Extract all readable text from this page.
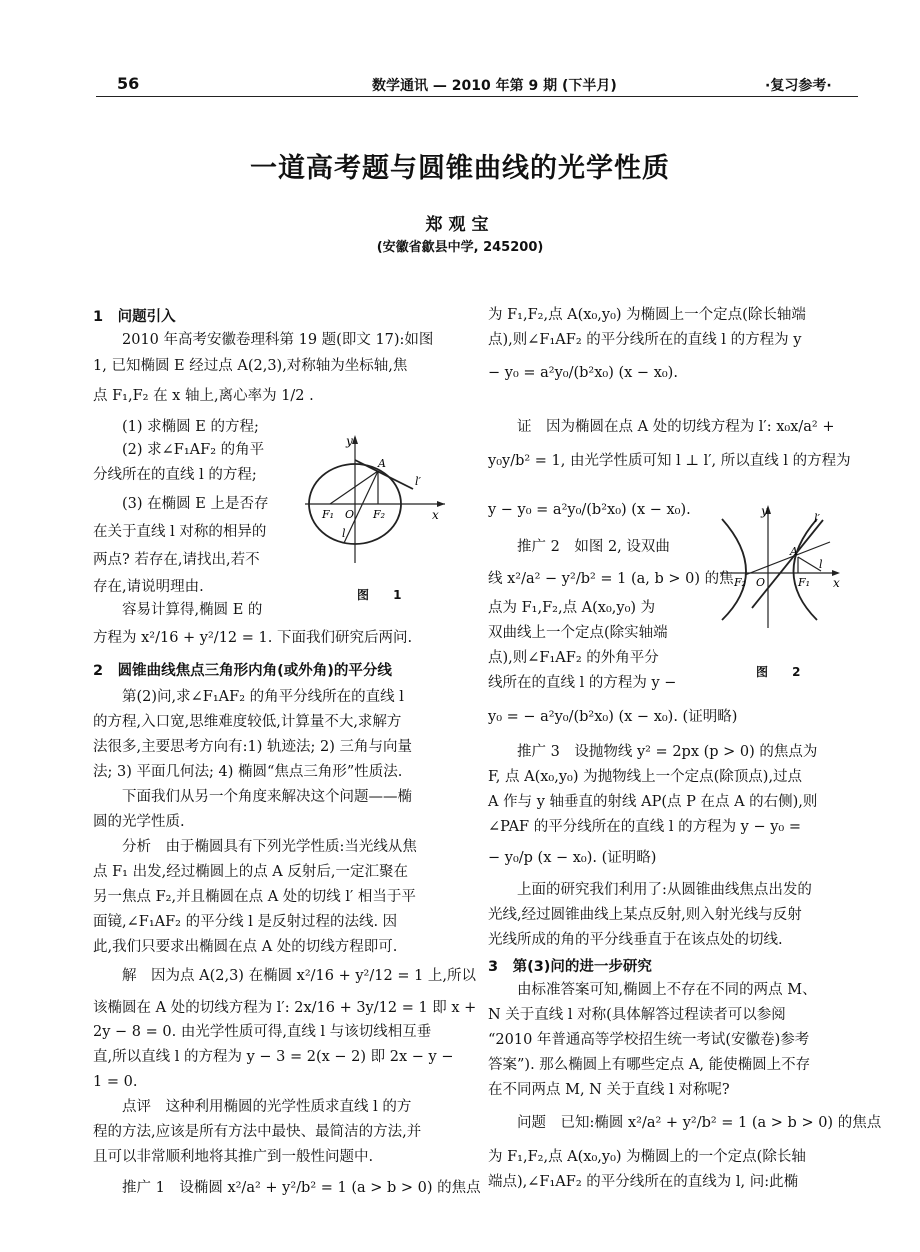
56	数学通讯 — 2010 年第 9 期 (下半月)	·复习参考·
一道高考题与圆锥曲线的光学性质
郑观宝
(安徽省歙县中学, 245200)
1　问题引入
　　2010 年高考安徽卷理科第 19 题(即文 17):如图
1, 已知椭圆 E 经过点 A(2,3),对称轴为坐标轴,焦
点 F₁,F₂ 在 x 轴上,离心率为 1/2 .
　　(1) 求椭圆 E 的方程;
　　(2) 求∠F₁AF₂ 的角平
分线所在的直线 l 的方程;
　　(3) 在椭圆 E 上是否存
在关于直线 l 对称的相异的
两点? 若存在,请找出,若不
存在,请说明理由.
　　容易计算得,椭圆 E 的
方程为 x²/16 + y²/12 = 1. 下面我们研究后两问.
2　圆锥曲线焦点三角形内角(或外角)的平分线
　　第(2)问,求∠F₁AF₂ 的角平分线所在的直线 l
的方程,入口宽,思维难度较低,计算量不大,求解方
法很多,主要思考方向有:1) 轨迹法; 2) 三角与向量
法; 3) 平面几何法; 4) 椭圆“焦点三角形”性质法.
　　下面我们从另一个角度来解决这个问题——椭
圆的光学性质.
　　分析　由于椭圆具有下列光学性质:当光线从焦
点 F₁ 出发,经过椭圆上的点 A 反射后,一定汇聚在
另一焦点 F₂,并且椭圆在点 A 处的切线 l′ 相当于平
面镜,∠F₁AF₂ 的平分线 l 是反射过程的法线. 因
此,我们只要求出椭圆在点 A 处的切线方程即可.
　　解　因为点 A(2,3) 在椭圆 x²/16 + y²/12 = 1 上,所以
该椭圆在 A 处的切线方程为 l′: 2x/16 + 3y/12 = 1 即 x +
2y − 8 = 0. 由光学性质可得,直线 l 与该切线相互垂
直,所以直线 l 的方程为 y − 3 = 2(x − 2) 即 2x − y −
1 = 0.
　　点评　这种利用椭圆的光学性质求直线 l 的方
程的方法,应该是所有方法中最快、最简洁的方法,并
且可以非常顺利地将其推广到一般性问题中.
　　推广 1　设椭圆 x²/a² + y²/b² = 1 (a > b > 0) 的焦点
为 F₁,F₂,点 A(x₀,y₀) 为椭圆上一个定点(除长轴端
点),则∠F₁AF₂ 的平分线所在的直线 l 的方程为 y
− y₀ = a²y₀/(b²x₀) (x − x₀).
　　证　因为椭圆在点 A 处的切线方程为 l′: x₀x/a² +
y₀y/b² = 1, 由光学性质可知 l ⊥ l′, 所以直线 l 的方程为
y − y₀ = a²y₀/(b²x₀) (x − x₀).
　　推广 2　如图 2, 设双曲
线 x²/a² − y²/b² = 1 (a, b > 0) 的焦
点为 F₁,F₂,点 A(x₀,y₀) 为
双曲线上一个定点(除实轴端
点),则∠F₁AF₂ 的外角平分
线所在的直线 l 的方程为 y −
y₀ = − a²y₀/(b²x₀) (x − x₀). (证明略)
　　推广 3　设抛物线 y² = 2px (p > 0) 的焦点为
F, 点 A(x₀,y₀) 为抛物线上一个定点(除顶点),过点
A 作与 y 轴垂直的射线 AP(点 P 在点 A 的右侧),则
∠PAF 的平分线所在的直线 l 的方程为 y − y₀ =
− y₀/p (x − x₀). (证明略)
　　上面的研究我们利用了:从圆锥曲线焦点出发的
光线,经过圆锥曲线上某点反射,则入射光线与反射
光线所成的角的平分线垂直于在该点处的切线.
3　第(3)问的进一步研究
　　由标准答案可知,椭圆上不存在不同的两点 M、
N 关于直线 l 对称(具体解答过程读者可以参阅
“2010 年普通高等学校招生统一考试(安徽卷)参考
答案”). 那么椭圆上有哪些定点 A, 能使椭圆上不存
在不同两点 M, N 关于直线 l 对称呢?
　　问题　已知:椭圆 x²/a² + y²/b² = 1 (a > b > 0) 的焦点
为 F₁,F₂,点 A(x₀,y₀) 为椭圆上的一个定点(除长轴
端点),∠F₁AF₂ 的平分线所在的直线为 l, 问:此椭
y
A
l′
F₁ O F₂	x
l
图 1
y
l′
A
l
F₂ O	F₁ x
图 2
